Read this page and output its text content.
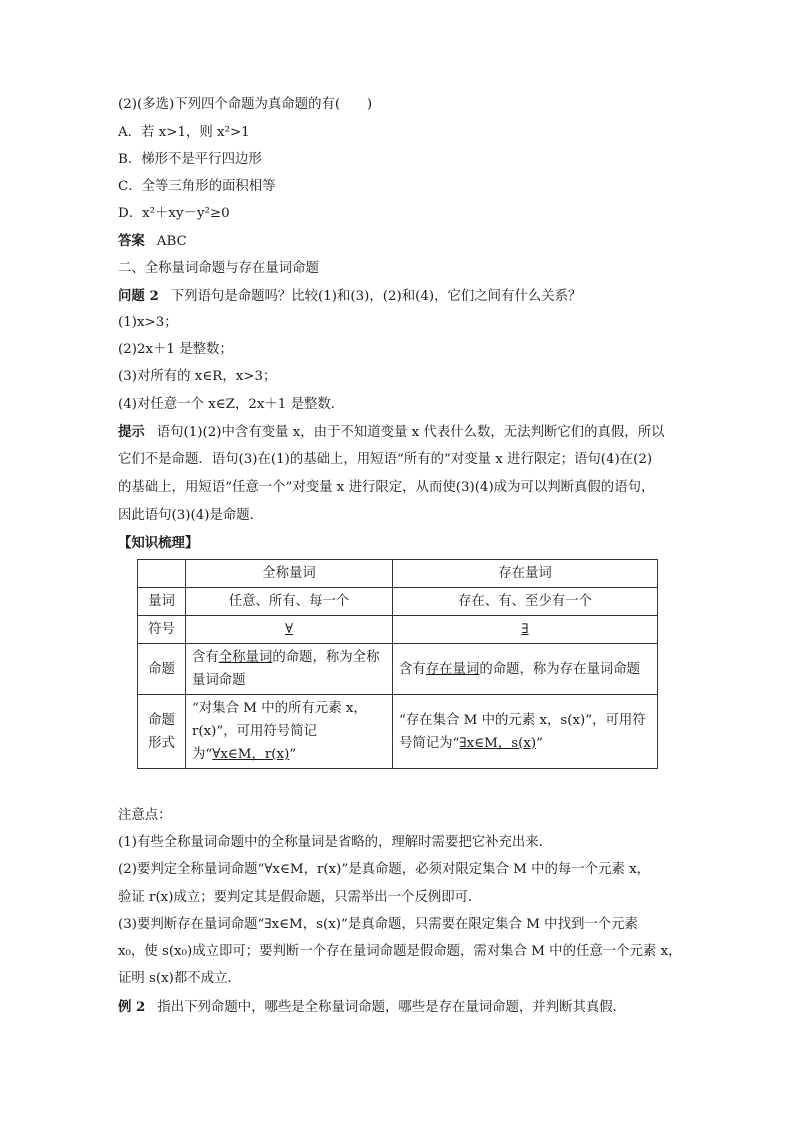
(2)(多选)下列四个命题为真命题的有(　　)
A．若 x>1，则 x²>1
B．梯形不是平行四边形
C．全等三角形的面积相等
D．x²＋xy－y²≥0
答案 ABC
二、全称量词命题与存在量词命题
问题 2 下列语句是命题吗？比较(1)和(3)，(2)和(4)，它们之间有什么关系？
(1)x>3；
(2)2x＋1 是整数；
(3)对所有的 x∈R，x>3；
(4)对任意一个 x∈Z，2x＋1 是整数．
提示 语句(1)(2)中含有变量 x，由于不知道变量 x 代表什么数，无法判断它们的真假，所以
它们不是命题．语句(3)在(1)的基础上，用短语“所有的”对变量 x 进行限定；语句(4)在(2)
的基础上，用短语“任意一个”对变量 x 进行限定，从而使(3)(4)成为可以判断真假的语句，
因此语句(3)(4)是命题．
【知识梳理】
	全称量词	存在量词
量词	任意、所有、每一个	存在、有、至少有一个
符号	∀	∃
命题	含有全称量词的命题，称为全称量词命题	含有存在量词的命题，称为存在量词命题
命题形式	“对集合 M 中的所有元素 x，r(x)”，可用符号简记为“∀x∈M，r(x)”	“存在集合 M 中的元素 x，s(x)”，可用符号简记为“∃x∈M，s(x)”
注意点：
(1)有些全称量词命题中的全称量词是省略的，理解时需要把它补充出来．
(2)要判定全称量词命题“∀x∈M，r(x)”是真命题，必须对限定集合 M 中的每一个元素 x，
验证 r(x)成立；要判定其是假命题，只需举出一个反例即可．
(3)要判断存在量词命题“∃x∈M，s(x)”是真命题，只需要在限定集合 M 中找到一个元素
x₀，使 s(x₀)成立即可；要判断一个存在量词命题是假命题，需对集合 M 中的任意一个元素 x，
证明 s(x)都不成立．
例 2 指出下列命题中，哪些是全称量词命题，哪些是存在量词命题，并判断其真假．
